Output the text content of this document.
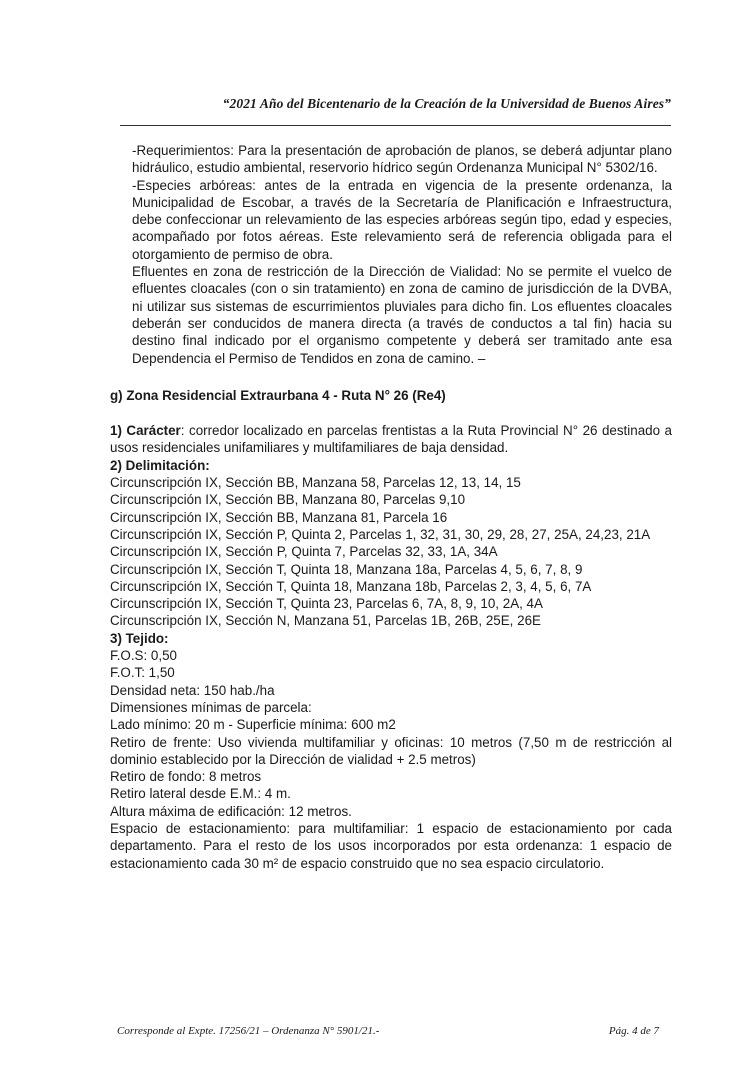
“2021 Año del Bicentenario de la Creación de la Universidad de Buenos Aires”

-Requerimientos: Para la presentación de aprobación de planos, se deberá adjuntar plano hidráulico, estudio ambiental, reservorio hídrico según Ordenanza Municipal N° 5302/16.

-Especies arbóreas: antes de la entrada en vigencia de la presente ordenanza, la Municipalidad de Escobar, a través de la Secretaría de Planificación e Infraestructura, debe confeccionar un relevamiento de las especies arbóreas según tipo, edad y especies, acompañado por fotos aéreas. Este relevamiento será de referencia obligada para el otorgamiento de permiso de obra.

Efluentes en zona de restricción de la Dirección de Vialidad: No se permite el vuelco de efluentes cloacales (con o sin tratamiento) en zona de camino de jurisdicción de la DVBA, ni utilizar sus sistemas de escurrimientos pluviales para dicho fin. Los efluentes cloacales deberán ser conducidos de manera directa (a través de conductos a tal fin) hacia su destino final indicado por el organismo competente y deberá ser tramitado ante esa Dependencia el Permiso de Tendidos en zona de camino. –

g) Zona Residencial Extraurbana 4 - Ruta N° 26 (Re4)

1) Carácter: corredor localizado en parcelas frentistas a la Ruta Provincial N° 26 destinado a usos residenciales unifamiliares y multifamiliares de baja densidad.

2) Delimitación:

Circunscripción IX, Sección BB, Manzana 58, Parcelas 12, 13, 14, 15

Circunscripción IX, Sección BB, Manzana 80, Parcelas 9,10

Circunscripción IX, Sección BB, Manzana 81, Parcela 16

Circunscripción IX, Sección P, Quinta 2, Parcelas 1, 32, 31, 30, 29, 28, 27, 25A, 24,23, 21A

Circunscripción IX, Sección P, Quinta 7, Parcelas 32, 33, 1A, 34A

Circunscripción IX, Sección T, Quinta 18, Manzana 18a, Parcelas 4, 5, 6, 7, 8, 9

Circunscripción IX, Sección T, Quinta 18, Manzana 18b, Parcelas 2, 3, 4, 5, 6, 7A

Circunscripción IX, Sección T, Quinta 23, Parcelas 6, 7A, 8, 9, 10, 2A, 4A

Circunscripción IX, Sección N, Manzana 51, Parcelas 1B, 26B, 25E, 26E

3) Tejido:

F.O.S: 0,50

F.O.T: 1,50

Densidad neta: 150 hab./ha

Dimensiones mínimas de parcela:

Lado mínimo: 20 m - Superficie mínima: 600 m2

Retiro de frente: Uso vivienda multifamiliar y oficinas: 10 metros (7,50 m de restricción al dominio establecido por la Dirección de vialidad + 2.5 metros)

Retiro de fondo: 8 metros

Retiro lateral desde E.M.: 4 m.

Altura máxima de edificación: 12 metros.

Espacio de estacionamiento: para multifamiliar: 1 espacio de estacionamiento por cada departamento. Para el resto de los usos incorporados por esta ordenanza: 1 espacio de estacionamiento cada 30 m² de espacio construido que no sea espacio circulatorio.

Corresponde al Expte. 17256/21 – Ordenanza N° 5901/21.-	Pág. 4 de 7
